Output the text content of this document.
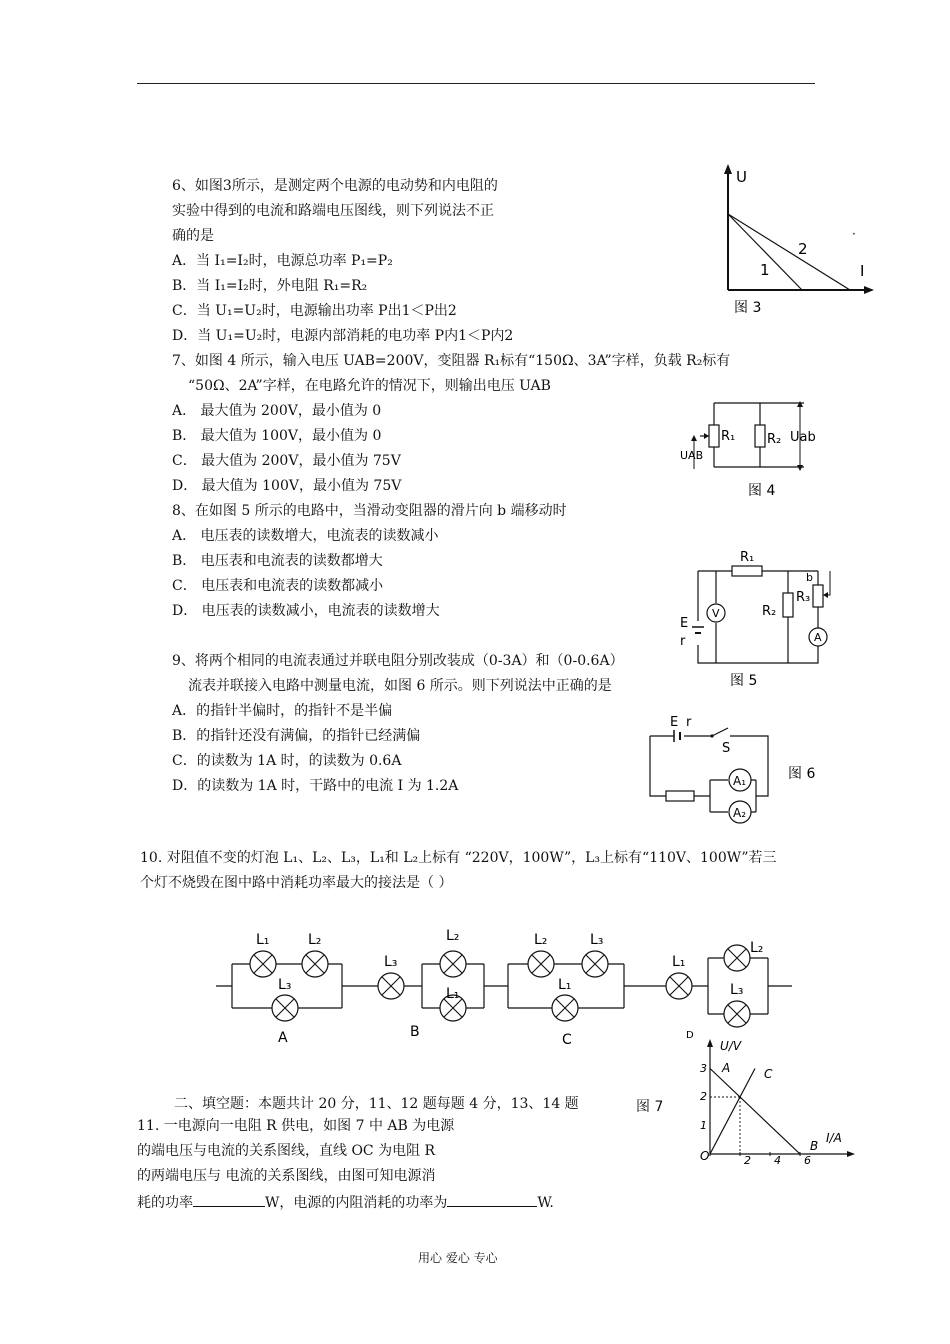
6、如图3所示，是测定两个电源的电动势和内电阻的
实验中得到的电流和路端电压图线，则下列说法不正
确的是
A．当 I₁=I₂时，电源总功率 P₁=P₂
B．当 I₁=I₂时，外电阻 R₁=R₂
C．当 U₁=U₂时，电源输出功率 P出1＜P出2
D．当 U₁=U₂时，电源内部消耗的电功率 P内1＜P内2
U
I
1
2
·
图 3
7、如图 4 所示，输入电压 UAB=200V，变阻器 R₁标有“150Ω、3A”字样，负载 R₂标有
“50Ω、2A”字样，在电路允许的情况下，则输出电压 UAB
A． 最大值为 200V，最小值为 0
B． 最大值为 100V，最小值为 0
C． 最大值为 200V，最小值为 75V
D． 最大值为 100V，最小值为 75V
R₁ R₂
UAB
Uab
图 4
8、在如图 5 所示的电路中，当滑动变阻器的滑片向 b 端移动时
A． 电压表的读数增大，电流表的读数减小
B． 电压表和电流表的读数都增大
C． 电压表和电流表的读数都减小
D． 电压表的读数减小，电流表的读数增大	V
A
R₁
R₂
R₃
b
E
r
图 5
9、将两个相同的电流表通过并联电阻分别改装成（0-3A）和（0-0.6A）
流表并联接入电路中测量电流，如图 6 所示。则下列说法中正确的是
A．的指针半偏时，的指针不是半偏
B．的指针还没有满偏，的指针已经满偏
C．的读数为 1A 时，的读数为 0.6A
D．的读数为 1A 时，干路中的电流 I 为 1.2A	A₁
A₂
E r
S
图 6
10. 对阻值不变的灯泡 L₁、L₂、L₃，L₁和 L₂上标有 “220V，100W”，L₃上标有“110V、100W”若三
个灯不烧毁在图中路中消耗功率最大的接法是（ ）
L₁	L₂
L₃
A
L₃
L₂
L₁
B
L₂	L₃
L₁
C
L₁
L₂
L₃
D
二、填空题：本题共计 20 分，11、12 题每题 4 分，13、14 题
U/V
I/A
A
B
C
O
1
2
3
2 4 6
图 7
11. 一电源向一电阻 R 供电，如图 7 中 AB 为电源
的端电压与电流的关系图线，直线 OC 为电阻 R
的两端电压与 电流的关系图线，由图可知电源消
耗的功率	W，电源的内阻消耗的功率为	W.
用心 爱心 专心
